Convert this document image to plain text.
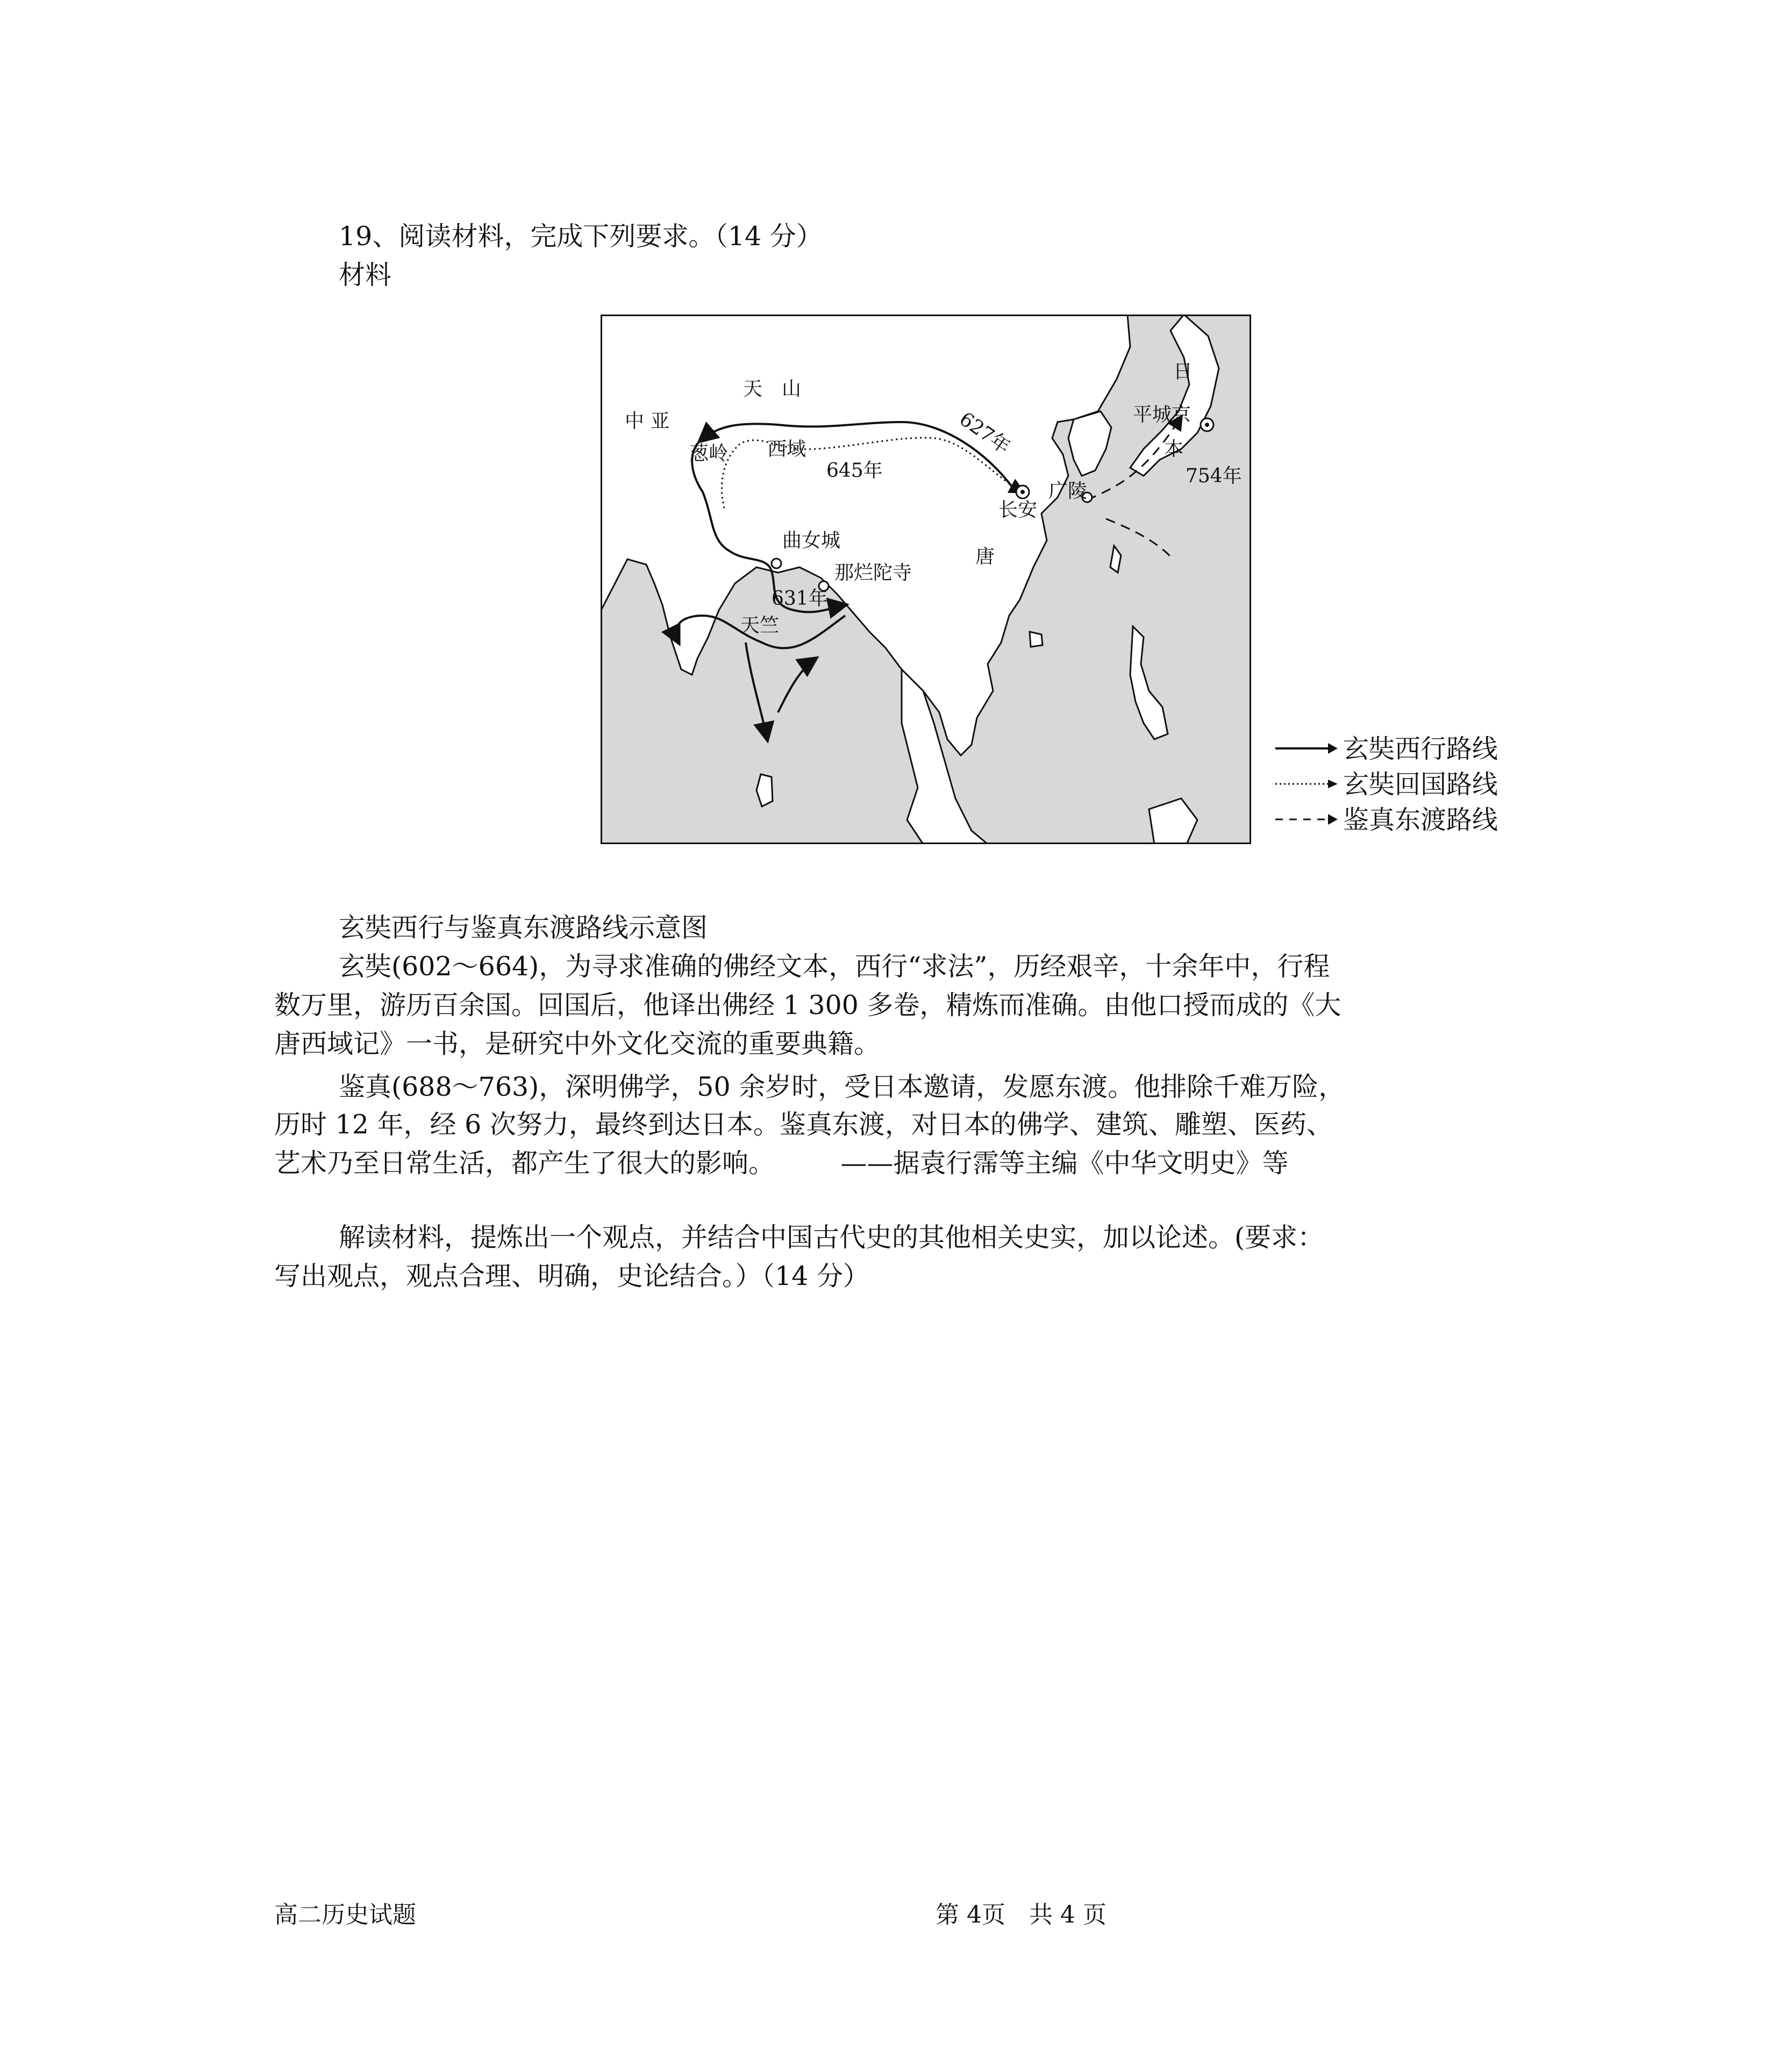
19、阅读材料，完成下列要求。（14 分）
材料
天　山
中 亚
葱岭 西域
645年
627年
长安
唐
广陵
日
平城京
本
754年
曲女城
那烂陀寺
631年
天竺
玄奘西行路线
玄奘回国路线
鉴真东渡路线
玄奘西行与鉴真东渡路线示意图
玄奘(602～664)，为寻求准确的佛经文本，西行“求法”，历经艰辛，十余年中，行程
数万里，游历百余国。回国后，他译出佛经 1 300 多卷，精炼而准确。由他口授而成的《大
唐西域记》一书，是研究中外文化交流的重要典籍。
鉴真(688～763)，深明佛学，50 余岁时，受日本邀请，发愿东渡。他排除千难万险，
历时 12 年，经 6 次努力，最终到达日本。鉴真东渡，对日本的佛学、建筑、雕塑、医药、
艺术乃至日常生活，都产生了很大的影响。　　　——据袁行霈等主编《中华文明史》等
解读材料，提炼出一个观点，并结合中国古代史的其他相关史实，加以论述。(要求：
写出观点，观点合理、明确，史论结合。）（14 分）
高二历史试题	第 4页　共 4 页
